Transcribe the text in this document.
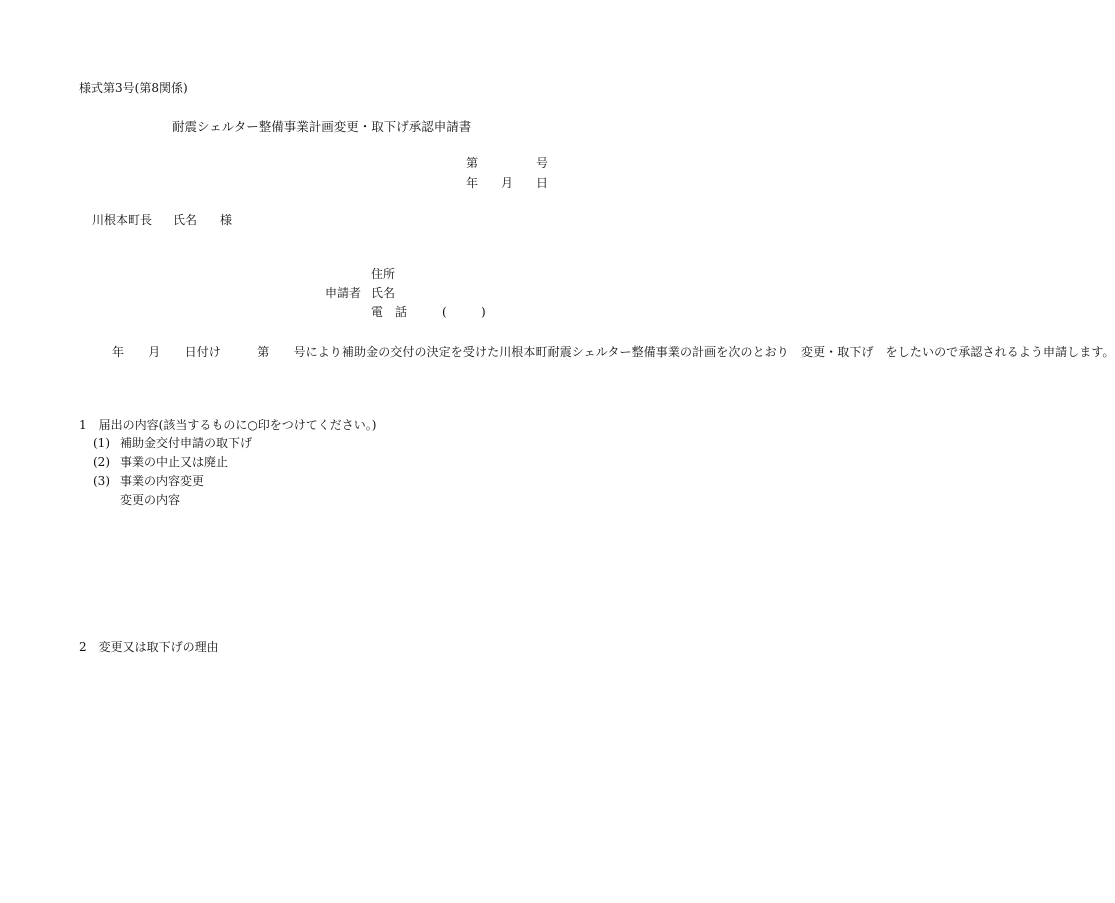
様式第3号(第8関係)
耐震シェルター整備事業計画変更・取下げ承認申請書
第	号
年 月 日
川根本町長 氏名 様
住所
申請者 氏名
電　話	(	)
年　　月　　日付け　　　第　　号により補助金の交付の決定を受けた川根本町耐震シェルター整備事業の計画を次のとおり　変更・取下げ　をしたいので承認されるよう申請します。
1　届出の内容(該当するものに○印をつけてください。)
(1) 補助金交付申請の取下げ
(2) 事業の中止又は廃止
(3) 事業の内容変更
変更の内容
2　変更又は取下げの理由
